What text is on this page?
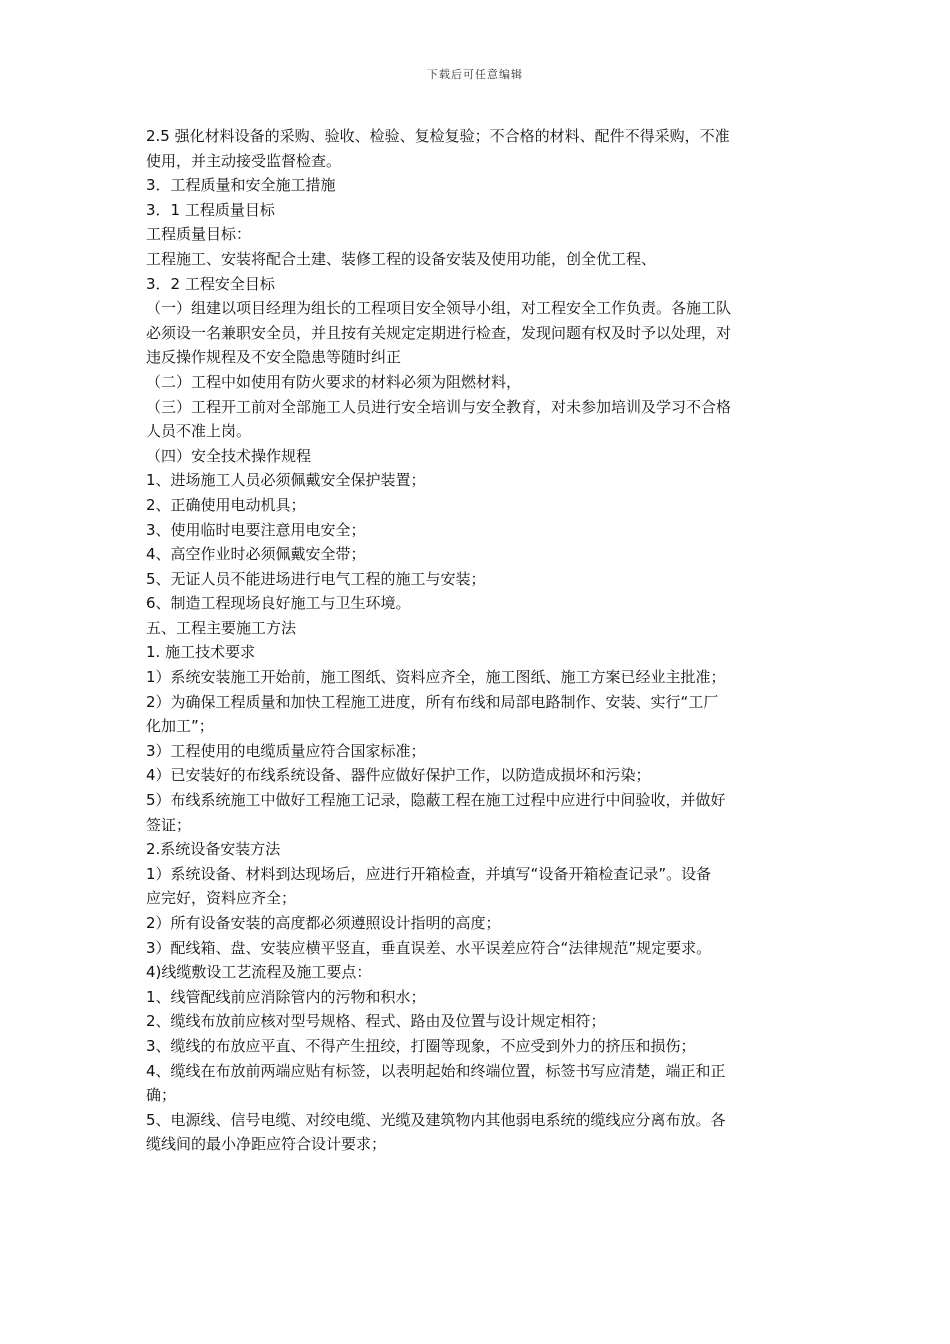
下载后可任意编辑
2.5 强化材料设备的采购、验收、检验、复检复验；不合格的材料、配件不得采购，不准
使用，并主动接受监督检查。
3．工程质量和安全施工措施
3．1 工程质量目标
工程质量目标：
工程施工、安装将配合土建、装修工程的设备安装及使用功能，创全优工程、
3．2 工程安全目标
（一）组建以项目经理为组长的工程项目安全领导小组，对工程安全工作负责。各施工队
必须设一名兼职安全员，并且按有关规定定期进行检查，发现问题有权及时予以处理，对
违反操作规程及不安全隐患等随时纠正
（二）工程中如使用有防火要求的材料必须为阻燃材料，
（三）工程开工前对全部施工人员进行安全培训与安全教育，对未参加培训及学习不合格
人员不准上岗。
（四）安全技术操作规程
1、进场施工人员必须佩戴安全保护装置；
2、正确使用电动机具；
3、使用临时电要注意用电安全；
4、高空作业时必须佩戴安全带；
5、无证人员不能进场进行电气工程的施工与安装；
6、制造工程现场良好施工与卫生环境。
五、工程主要施工方法
1. 施工技术要求
1）系统安装施工开始前，施工图纸、资料应齐全，施工图纸、施工方案已经业主批准；
2）为确保工程质量和加快工程施工进度，所有布线和局部电路制作、安装、实行“工厂
化加工”；
3）工程使用的电缆质量应符合国家标准；
4）已安装好的布线系统设备、器件应做好保护工作，以防造成损坏和污染；
5）布线系统施工中做好工程施工记录，隐蔽工程在施工过程中应进行中间验收，并做好
签证；
2.系统设备安装方法
1）系统设备、材料到达现场后，应进行开箱检查，并填写“设备开箱检查记录”。设备
应完好，资料应齐全；
2）所有设备安装的高度都必须遵照设计指明的高度；
3）配线箱、盘、安装应横平竖直，垂直误差、水平误差应符合“法律规范”规定要求。
4)线缆敷设工艺流程及施工要点：
1、线管配线前应消除管内的污物和积水；
2、缆线布放前应核对型号规格、程式、路由及位置与设计规定相符；
3、缆线的布放应平直、不得产生扭绞，打圈等现象，不应受到外力的挤压和损伤；
4、缆线在布放前两端应贴有标签，以表明起始和终端位置，标签书写应清楚，端正和正
确；
5、电源线、信号电缆、对绞电缆、光缆及建筑物内其他弱电系统的缆线应分离布放。各
缆线间的最小净距应符合设计要求；
